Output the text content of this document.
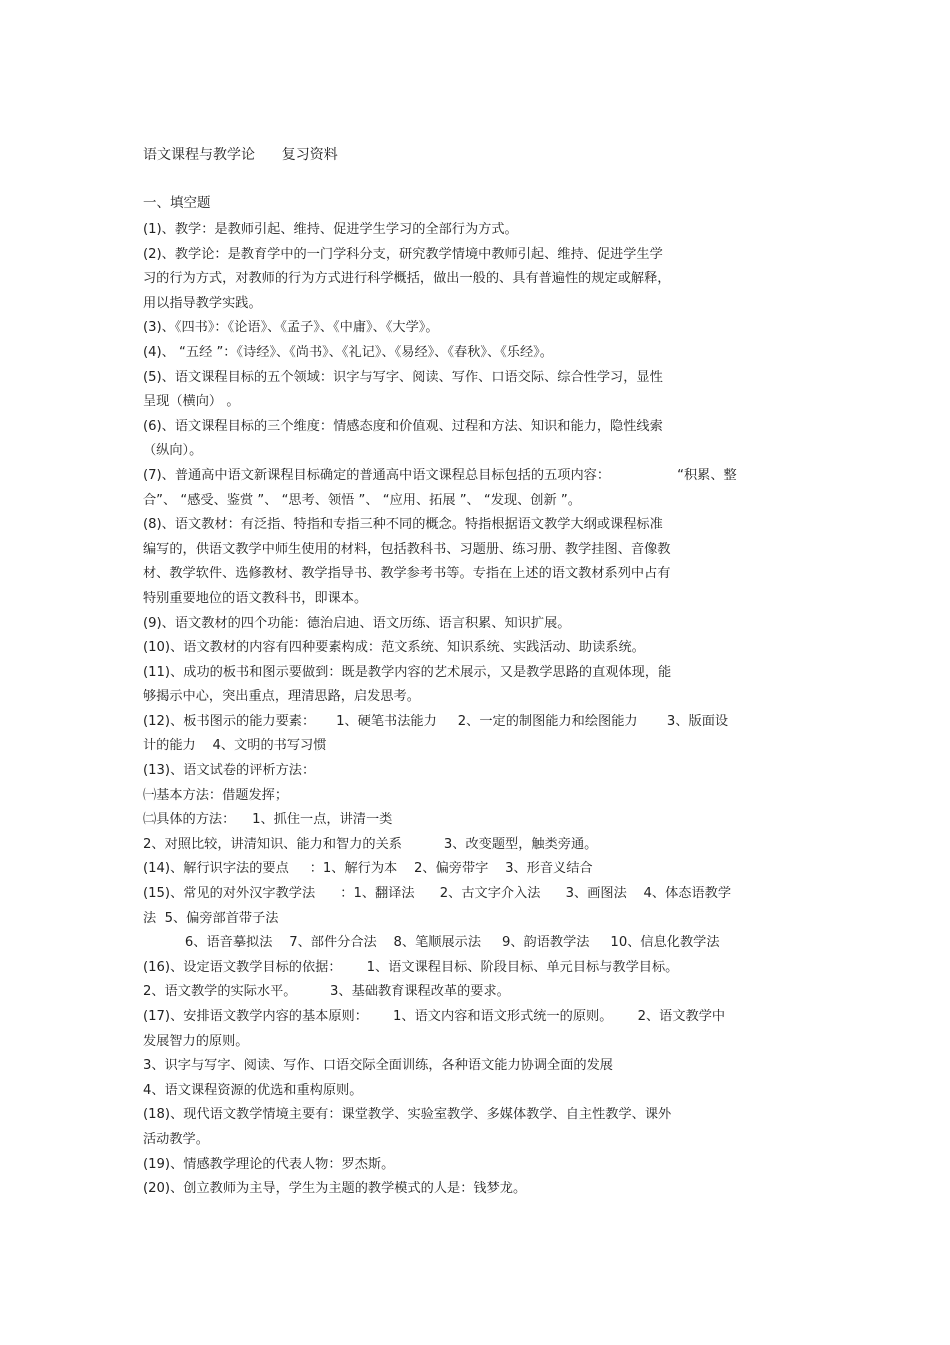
语文课程与教学论      复习资料
一、填空题

(1)、教学：是教师引起、维持、促进学生学习的全部行为方式。

(2)、教学论：是教育学中的一门学科分支，研究教学情境中教师引起、维持、促进学生学
习的行为方式，对教师的行为方式进行科学概括，做出一般的、具有普遍性的规定或解释，
用以指导教学实践。

(3)、《四书》：《论语》、《孟子》、《中庸》、《大学》。

(4)、 “五经 ”：《诗经》、《尚书》、《礼记》、《易经》、《春秋》、《乐经》。

(5)、语文课程目标的五个领域：识字与写字、阅读、写作、口语交际、综合性学习，显性
呈现（横向） 。

(6)、语文课程目标的三个维度：情感态度和价值观、过程和方法、知识和能力，隐性线索
（纵向）。

(7)、普通高中语文新课程目标确定的普通高中语文课程总目标包括的五项内容：                “积累、整
合”、 “感受、鉴赏 ”、 “思考、领悟 ”、 “应用、拓展 ”、 “发现、创新 ”。

(8)、语文教材：有泛指、特指和专指三种不同的概念。特指根据语文教学大纲或课程标准
编写的，供语文教学中师生使用的材料，包括教科书、习题册、练习册、教学挂图、音像教
材、教学软件、选修教材、教学指导书、教学参考书等。专指在上述的语文教材系列中占有
特别重要地位的语文教科书，即课本。

(9)、语文教材的四个功能：德治启迪、语文历练、语言积累、知识扩展。

(10)、语文教材的内容有四种要素构成：范文系统、知识系统、实践活动、助读系统。

(11)、成功的板书和图示要做到：既是教学内容的艺术展示，又是教学思路的直观体现，能
够揭示中心，突出重点，理清思路，启发思考。

(12)、板书图示的能力要素：     1、硬笔书法能力     2、一定的制图能力和绘图能力       3、版面设
计的能力    4、文明的书写习惯

(13)、语文试卷的评析方法：

㈠基本方法：借题发挥；

㈡具体的方法：    1、抓住一点，讲清一类

2、对照比较，讲清知识、能力和智力的关系          3、改变题型，触类旁通。

(14)、解行识字法的要点     ：1、解行为本    2、偏旁带字    3、形音义结合

(15)、常见的对外汉字教学法      ：1、翻译法      2、古文字介入法      3、画图法    4、体态语教学
法  5、偏旁部首带子法

6、语音摹拟法    7、部件分合法    8、笔顺展示法     9、韵语教学法     10、信息化教学法

(16)、设定语文教学目标的依据：      1、语文课程目标、阶段目标、单元目标与教学目标。

2、语文教学的实际水平。        3、基础教育课程改革的要求。

(17)、安排语文教学内容的基本原则：      1、语文内容和语文形式统一的原则。      2、语文教学中
发展智力的原则。

3、识字与写字、阅读、写作、口语交际全面训练，各种语文能力协调全面的发展

4、语文课程资源的优选和重构原则。

(18)、现代语文教学情境主要有：课堂教学、实验室教学、多媒体教学、自主性教学、课外
活动教学。

(19)、情感教学理论的代表人物：罗杰斯。

(20)、创立教师为主导，学生为主题的教学模式的人是：钱梦龙。
